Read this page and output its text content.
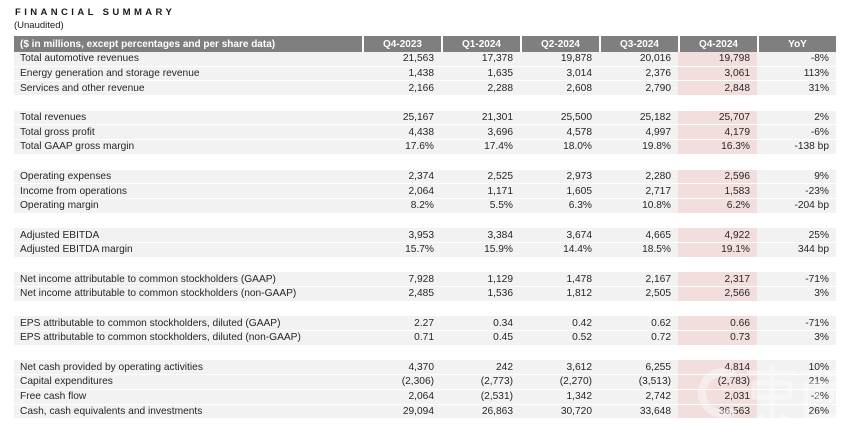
FINANCIAL SUMMARY
(Unaudited)
($ in millions, except percentages and per share data)	Q4-2023	Q1-2024	Q2-2024	Q3-2024	Q4-2024	YoY
Total automotive revenues	21,563	17,378	19,878	20,016	19,798	-8%
Energy generation and storage revenue	1,438	1,635	3,014	2,376	3,061	113%
Services and other revenue	2,166	2,288	2,608	2,790	2,848	31%
Total revenues	25,167	21,301	25,500	25,182	25,707	2%
Total gross profit	4,438	3,696	4,578	4,997	4,179	-6%
Total GAAP gross margin	17.6%	17.4%	18.0%	19.8%	16.3%	-138 bp
Operating expenses	2,374	2,525	2,973	2,280	2,596	9%
Income from operations	2,064	1,171	1,605	2,717	1,583	-23%
Operating margin	8.2%	5.5%	6.3%	10.8%	6.2%	-204 bp
Adjusted EBITDA	3,953	3,384	3,674	4,665	4,922	25%
Adjusted EBITDA margin	15.7%	15.9%	14.4%	18.5%	19.1%	344 bp
Net income attributable to common stockholders (GAAP)	7,928	1,129	1,478	2,167	2,317	-71%
Net income attributable to common stockholders (non-GAAP)	2,485	1,536	1,812	2,505	2,566	3%
EPS attributable to common stockholders, diluted (GAAP)	2.27	0.34	0.42	0.62	0.66	-71%
EPS attributable to common stockholders, diluted (non-GAAP)	0.71	0.45	0.52	0.72	0.73	3%
Net cash provided by operating activities	4,370	242	3,612	6,255	4,814	10%
Capital expenditures	(2,306)	(2,773)	(2,270)	(3,513)	(2,783)	21%
Free cash flow	2,064	(2,531)	1,342	2,742	2,031	-2%
Cash, cash equivalents and investments	29,094	26,863	30,720	33,648	36,563	26%
